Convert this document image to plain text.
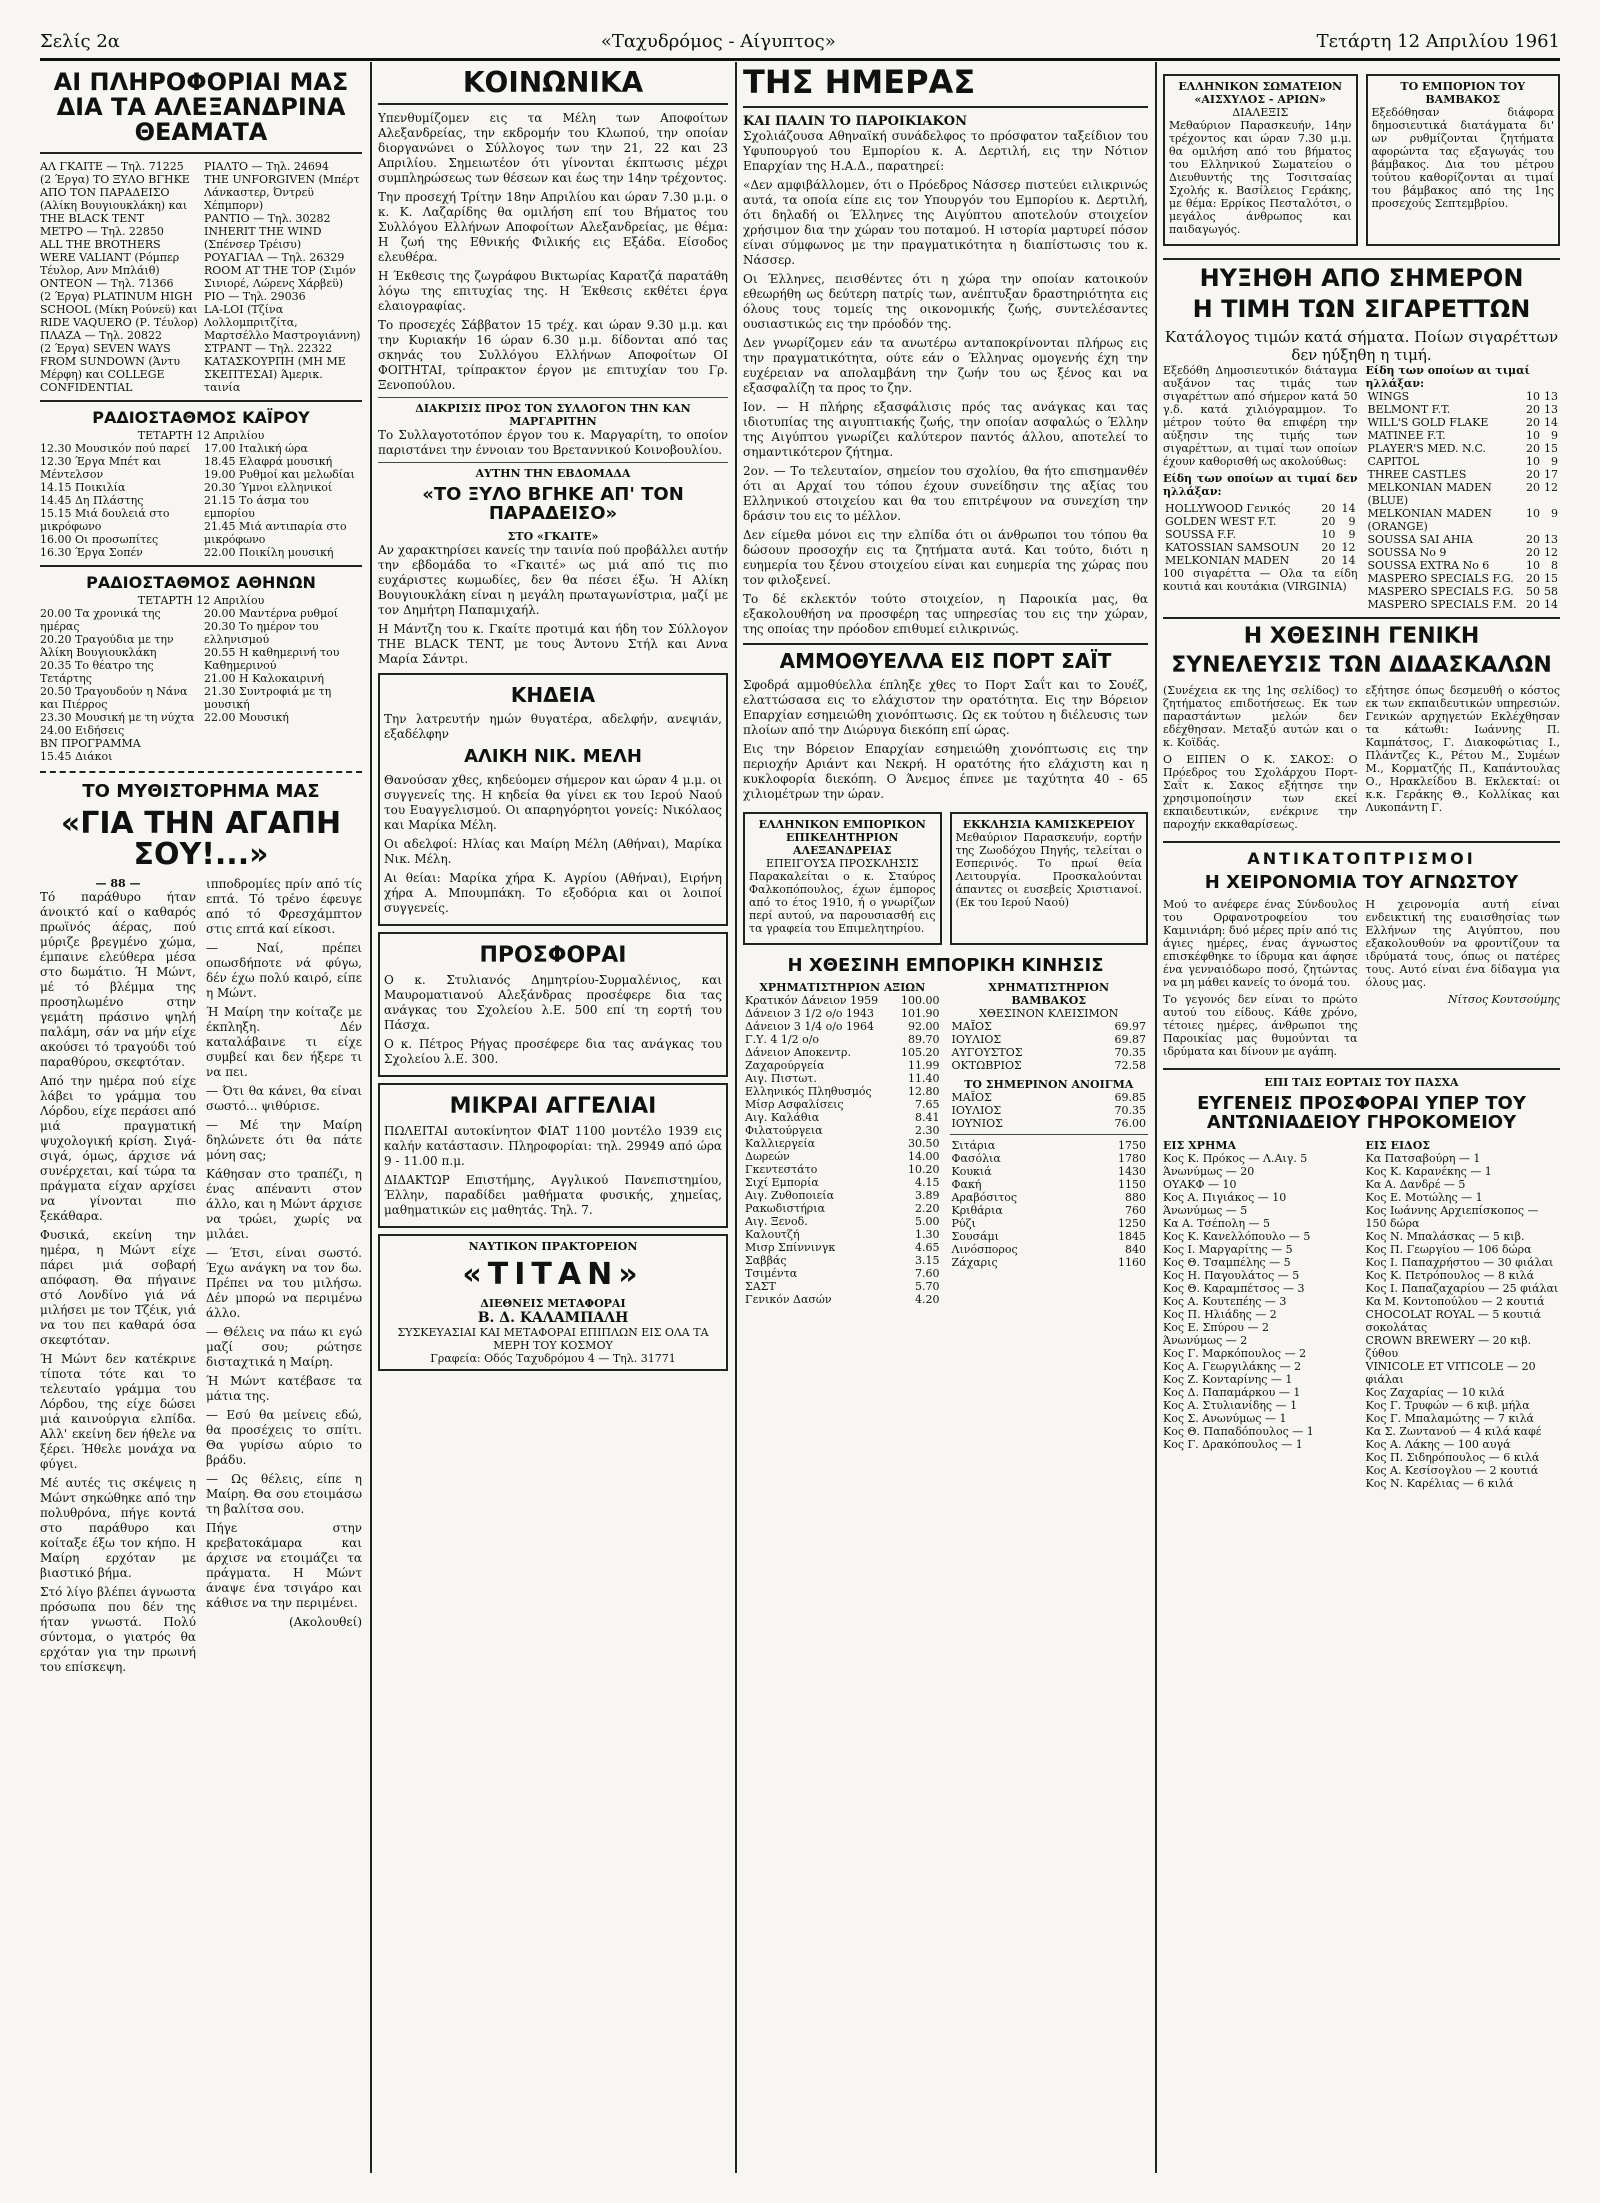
Σελίς 2α	«Ταχυδρόμος - Αίγυπτος»	Τετάρτη 12 Απριλίου 1961
ΑΙ ΠΛΗΡΟΦΟΡΙΑΙ ΜΑΣ ΔΙΑ ΤΑ ΑΛΕΞΑΝΔΡΙΝΑ ΘΕΑΜΑΤΑ
ΑΛ ΓΚΑΙΤΕ — Τηλ. 71225
(2 Έργα) ΤΟ ΞΥΛΟ ΒΓΗΚΕ ΑΠΟ ΤΟΝ ΠΑΡΑΔΕΙΣΟ (Αλίκη Βουγιουκλάκη) και THE BLACK TENT
ΜΕΤΡΟ — Τηλ. 22850
ALL THE BROTHERS WERE VALIANT (Ρόμπερ Τέυλορ, Ανν Μπλάιθ)
ΟΝΤΕΟΝ — Τηλ. 71366
(2 Έργα) PLATINUM HIGH SCHOOL (Μίκη Ρούνεϋ) και RIDE VAQUERO (Ρ. Τέυλορ)
ΠΛΑΖΑ — Τηλ. 20822
(2 Έργα) SEVEN WAYS FROM SUNDOWN (Άντυ Μέρφη) και COLLEGE CONFIDENTIAL
ΡΙΑΛΤΟ — Τηλ. 24694
THE UNFORGIVEN (Μπέρτ Λάνκαστερ, Όντρεϋ Χέπμπορν)
ΡΑΝΤΙΟ — Τηλ. 30282
INHERIT THE WIND (Σπένσερ Τρέισυ)
ΡΟΥΑΓΙΑΛ — Τηλ. 26329
ROOM AT THE TOP (Σιμόν Σινιορέ, Λώρενς Χάρβεϋ)
ΡΙΟ — Τηλ. 29036
LA-LOI (Τζίνα Λολλομπριτζίτα, Μαρτσέλλο Μαστρογιάννη)
ΣΤΡΑΝΤ — Τηλ. 22322
ΚΑΤΑΣΚΟΥΡΠΗ (ΜΗ ΜΕ ΣΚΕΠΤΕΣΑΙ) Άμερικ. ταινία
ΡΑΔΙΟΣΤΑΘΜΟΣ ΚΑΪΡΟΥ
ΤΕΤΑΡΤΗ 12 Απριλίου
12.30 Μουσικόν πού παρεί
12.30 Έργα Μπέτ και Μέντελσον
14.15 Ποικιλία
14.45 Δη Πλάστης
15.15 Μιά δουλειά στο μικρόφωνο
16.00 Οι προσωπίτες
16.30 Έργα Σοπέν
17.00 Ιταλική ώρα
18.45 Ελαφρά μουσική
19.00 Ρυθμοί και μελωδίαι
20.30 Ύμνοι ελληνικοί
21.15 Το άσμα του εμπορίου
21.45 Μιά αντιπαρία στο μικρόφωνο
22.00 Ποικίλη μουσική
ΡΑΔΙΟΣΤΑΘΜΟΣ ΑΘΗΝΩΝ
ΤΕΤΑΡΤΗ 12 Απριλίου
20.00 Τα χρονικά της ημέρας
20.20 Τραγούδια με την Άλίκη Βουγιουκλάκη
20.35 Το θέατρο της Τετάρτης
20.50 Τραγουδούν η Νάνα και Πιέρρος
23.30 Μουσική με τη νύχτα
24.00 Ειδήσεις
ΒΝ ΠΡΟΓΡΑΜΜΑ
15.45 Διάκοι
20.00 Μαντέρνα ρυθμοί
20.30 Το ημέρον του ελληνισμού
20.55 Η καθημερινή του Καθημερινού
21.00 Η Καλοκαιρινή
21.30 Συντροφιά με τη μουσική
22.00 Μουσική
ΤΟ ΜΥΘΙΣΤΟΡΗΜΑ ΜΑΣ
«ΓΙΑ ΤΗΝ ΑΓΑΠΗ ΣΟΥ!...»
— 88 —

Τό παράθυρο ήταν άνοικτό καί ο καθαρός πρωϊνός άέρας, πού μύριζε βρεγμένο χώμα, έμπαινε ελεύθερα μέσα στο δωμάτιο. Ή Μώντ, μέ τό βλέμμα της προσηλωμένο στην γεμάτη πράσινο ψηλή παλάμη, σάν να μήν είχε ακούσει τό τραγούδι τού παραθύρου, σκεφτόταν.

Από την ημέρα πού είχε λάβει το γράμμα του Λόρδου, είχε περάσει από μιά πραγματική ψυχολογική κρίση. Σιγά-σιγά, όμως, άρχισε νά συνέρχεται, καί τώρα τα πράγματα είχαν αρχίσει να γίνονται πιο ξεκάθαρα.

Φυσικά, εκείνη την ημέρα, η Μώντ είχε πάρει μιά σοβαρή απόφαση. Θα πήγαινε στό Λονδίνο γιά νά μιλήσει με τον Τζέικ, γιά να του πει καθαρά όσα σκεφτόταν.

Ή Μώντ δεν κατέκρινε τίποτα τότε και το τελευταίο γράμμα του Λόρδου, της είχε δώσει μιά καινούργια ελπίδα. Αλλ' εκείνη δεν ήθελε να ξέρει. Ήθελε μονάχα να φύγει.

Μέ αυτές τις σκέψεις η Μώντ σηκώθηκε από την πολυθρόνα, πήγε κοντά στο παράθυρο και κοίταξε έξω τον κήπο. Η Μαίρη ερχόταν με βιαστικό βήμα.

Στό λίγο βλέπει άγνωστα πρόσωπα που δέν της ήταν γνωστά. Πολύ σύντομα, ο γιατρός θα ερχόταν για την πρωινή του επίσκεψη.

ιπποδρομίες πρίν από τίς επτά. Τό τρένο έφευγε από τό Φρεσχάμπτον στις επτά καί είκοσι.

— Ναί, πρέπει οπωσδήποτε νά φύγω, δέν έχω πολύ καιρό, είπε η Μώντ.

Ή Μαίρη την κοίταζε με έκπληξη. Δέν καταλάβαινε τι είχε συμβεί και δεν ήξερε τι να πει.

— Ότι θα κάνει, θα είναι σωστό... ψιθύρισε.

— Μέ την Μαίρη δηλώνετε ότι θα πάτε μόνη σας;

Κάθησαν στο τραπέζι, η ένας απέναντι στον άλλο, και η Μώντ άρχισε να τρώει, χωρίς να μιλάει.

— Έτσι, είναι σωστό. Έχω ανάγκη να τον δω. Πρέπει να του μιλήσω. Δέν μπορώ να περιμένω άλλο.

— Θέλεις να πάω κι εγώ μαζί σου; ρώτησε δισταχτικά η Μαίρη.

Ή Μώντ κατέβασε τα μάτια της.

— Εσύ θα μείνεις εδώ, θα προσέχεις το σπίτι. Θα γυρίσω αύριο το βράδυ.

— Ως θέλεις, είπε η Μαίρη. Θα σου ετοιμάσω τη βαλίτσα σου.

Πήγε στην κρεβατοκάμαρα και άρχισε να ετοιμάζει τα πράγματα. Η Μώντ άναψε ένα τσιγάρο και κάθισε να την περιμένει.

(Ακολουθεί)
ΚΟΙΝΩΝΙΚΑ

Υπενθυμίζομεν εις τα Μέλη των Αποφοίτων Αλεξανδρείας, την εκδρομήν του Κλωπού, την οποίαν διοργανώνει ο Σύλλογος των την 21, 22 και 23 Απριλίου. Σημειωτέον ότι γίνονται έκπτωσις μέχρι συμπληρώσεως των θέσεων και έως την 14ην τρέχοντος.

Την προσεχή Τρίτην 18ην Απριλίου και ώραν 7.30 μ.μ. ο κ. Κ. Λαζαρίδης θα ομιλήση επί του Βήματος του Συλλόγου Ελλήνων Αποφοίτων Αλεξανδρείας, με θέμα: Η ζωή της Εθνικής Φιλικής εις Εξάδα. Είσοδος ελευθέρα.

Η Έκθεσις της ζωγράφου Βικτωρίας Καρατζά παρατάθη λόγω της επιτυχίας της. Η Έκθεσις εκθέτει έργα ελαιογραφίας.

Το προσεχές Σάββατον 15 τρέχ. και ώραν 9.30 μ.μ. και την Κυριακήν 16 ώραν 6.30 μ.μ. δίδονται από τας σκηνάς του Συλλόγου Ελλήνων Αποφοίτων ΟΙ ΦΟΙΤΗΤΑΙ, τρίπρακτον έργον με επιτυχίαν του Γρ. Ξενοπούλου.

ΔΙΑΚΡΙΣΙΣ ΠΡΟΣ ΤΟΝ ΣΥΛΛΟΓΟΝ ΤΗΝ ΚΑΝ ΜΑΡΓΑΡΙΤΗΝ

Το Συλλαγοτοτόπον έργον του κ. Μαργαρίτη, το οποίον παριστάνει την έννοιαν του Βρεταννικού Κοινοβουλίου.

ΑΥΤΗΝ ΤΗΝ ΕΒΔΟΜΑΔΑ
«ΤΟ ΞΥΛΟ ΒΓΗΚΕ ΑΠ' ΤΟΝ ΠΑΡΑΔΕΙΣΟ»
ΣΤΟ «ΓΚΑΙΤΕ»

Αν χαρακτηρίσει κανείς την ταινία πού προβάλλει αυτήν την εβδομάδα το «Γκαιτέ» ως μιά από τις πιο ευχάριστες κωμωδίες, δεν θα πέσει έξω. Ή Αλίκη Βουγιουκλάκη είναι η μεγάλη πρωταγωνίστρια, μαζί με τον Δημήτρη Παπαμιχαήλ.

Η Μάντζη του κ. Γκαίτε προτιμά και ήδη τον Σύλλογον THE BLACK TENT, με τους Άντονυ Στήλ και Αννα Μαρία Σάντρι.

ΚΗΔΕΙΑ

Την λατρευτήν ημών θυγατέρα, αδελφήν, ανεψιάν, εξαδέλφην

ΑΛΙΚΗ ΝΙΚ. ΜΕΛΗ

Θανούσαν χθες, κηδεύομεν σήμερον και ώραν 4 μ.μ. οι συγγενείς της. Η κηδεία θα γίνει εκ του Ιερού Ναού του Ευαγγελισμού. Οι απαρηγόρητοι γονείς: Νικόλαος και Μαρίκα Μέλη.

Οι αδελφοί: Ηλίας και Μαίρη Μέλη (Αθήναι), Μαρίκα Νικ. Μέλη.

Αι θείαι: Μαρίκα χήρα Κ. Αγρίου (Αθήναι), Ειρήνη χήρα Α. Μπουμπάκη. Το εξοδόρια και οι λοιποί συγγενείς.

ΠΡΟΣΦΟΡΑΙ

Ο κ. Στυλιανός Δημητρίου-Συρμαλένιος, και Μαυροματιανού Αλεξάνδρας προσέφερε δια τας ανάγκας του Σχολείου λ.Ε. 500 επί τη εορτή του Πάσχα.

Ο κ. Πέτρος Ρήγας προσέφερε δια τας ανάγκας του Σχολείου λ.Ε. 300.

ΜΙΚΡΑΙ ΑΓΓΕΛΙΑΙ

ΠΩΛΕΙΤΑΙ αυτοκίνητον ΦΙΑΤ 1100 μοντέλο 1939 εις καλήν κατάστασιν. Πληροφορίαι: τηλ. 29949 από ώρα 9 - 11.00 π.μ.

ΔΙΔΑΚΤΩΡ Επιστήμης, Αγγλικού Πανεπιστημίου, Έλλην, παραδίδει μαθήματα φυσικής, χημείας, μαθηματικών εις μαθητάς. Τηλ. 7.

ΝΑΥΤΙΚΟΝ ΠΡΑΚΤΟΡΕΙΟΝ
«ΤΙΤΑΝ»
ΔΙΕΘΝΕΙΣ ΜΕΤΑΦΟΡΑΙ
Β. Δ. ΚΑΛΑΜΠΑΛΗ
ΣΥΣΚΕΥΑΣΙΑΙ ΚΑΙ ΜΕΤΑΦΟΡΑΙ ΕΠΙΠΛΩΝ ΕΙΣ ΟΛΑ ΤΑ ΜΕΡΗ ΤΟΥ ΚΟΣΜΟΥ
Γραφεία: Οδός Ταχυδρόμου 4 — Τηλ. 31771
ΤΗΣ ΗΜΕΡΑΣ
ΚΑΙ ΠΑΛΙΝ ΤΟ ΠΑΡΟΙΚΙΑΚΟΝ

Σχολιάζουσα Αθηναϊκή συνάδελφος το πρόσφατον ταξείδιον του Υφυπουργού του Εμπορίου κ. Α. Δερτιλή, εις την Νότιον Επαρχίαν της Η.Α.Δ., παρατηρεί:

«Δεν αμφιβάλλομεν, ότι ο Πρόεδρος Νάσσερ πιστεύει ειλικρινώς αυτά, τα οποία είπε εις τον Υπουργόν του Εμπορίου κ. Δερτιλή, ότι δηλαδή οι Έλληνες της Αιγύπτου αποτελούν στοιχείον χρήσιμον δια την χώραν του ποταμού. Η ιστορία μαρτυρεί πόσον είναι σύμφωνος με την πραγματικότητα η διαπίστωσις του κ. Νάσσερ.

Οι Έλληνες, πεισθέντες ότι η χώρα την οποίαν κατοικούν εθεωρήθη ως δεύτερη πατρίς των, ανέπτυξαν δραστηριότητα εις όλους τους τομείς της οικονομικής ζωής, συντελέσαντες ουσιαστικώς εις την πρόοδόν της.

Δεν γνωρίζομεν εάν τα ανωτέρω ανταποκρίνονται πλήρως εις την πραγματικότητα, ούτε εάν ο Έλληνας ομογενής έχη την ευχέρειαν να απολαμβάνη την ζωήν του ως ξένος και να εξασφαλίζη τα προς το ζην.

Ιον. — Η πλήρης εξασφάλισις πρός τας ανάγκας και τας ιδιοτυπίας της αιγυπτιακής ζωής, την οποίαν ασφαλώς ο Έλλην της Αιγύπτου γνωρίζει καλύτερον παντός άλλου, αποτελεί το σημαντικότερον ζήτημα.

2ον. — Το τελευταίον, σημείον του σχολίου, θα ήτο επισημανθέν ότι αι Αρχαί του τόπου έχουν συνείδησιν της αξίας του Ελληνικού στοιχείου και θα του επιτρέψουν να συνεχίση την δράσιν του εις το μέλλον.

Δεν είμεθα μόνοι εις την ελπίδα ότι οι άνθρωποι του τόπου θα δώσουν προσοχήν εις τα ζητήματα αυτά. Και τούτο, διότι η ευημερία του ξένου στοιχείου είναι και ευημερία της χώρας που τον φιλοξενεί.

Το δέ εκλεκτόν τούτο στοιχείον, η Παροικία μας, θα εξακολουθήση να προσφέρη τας υπηρεσίας του εις την χώραν, της οποίας την πρόοδον επιθυμεί ειλικρινώς.

ΑΜΜΟΘΥΕΛΛΑ ΕΙΣ ΠΟΡΤ ΣΑΪΤ

Σφοδρά αμμοθύελλα έπληξε χθες το Πορτ Σαΐτ και το Σουέζ, ελαττώσασα εις το ελάχιστον την ορατότητα. Εις την Βόρειον Επαρχίαν εσημειώθη χιονόπτωσις. Ως εκ τούτου η διέλευσις των πλοίων από την Διώρυγα διεκόπη επί ώρας.

Εις την Βόρειον Επαρχίαν εσημειώθη χιονόπτωσις εις την περιοχήν Αριάντ και Νεκρή. Η ορατότης ήτο ελάχιστη και η κυκλοφορία διεκόπη. Ο Άνεμος έπνεε με ταχύτητα 40 - 65 χιλιομέτρων την ώραν.

ΕΛΛΗΝΙΚΟΝ ΕΜΠΟΡΙΚΟΝ ΕΠΙΚΕΛΗΤΗΡΙΟΝ ΑΛΕΞΑΝΔΡΕΙΑΣ
ΕΠΕΙΓΟΥΣΑ ΠΡΟΣΚΛΗΣΙΣ

Παρακαλείται ο κ. Σταύρος Φαλκοπόπουλος, έχων έμπορος από το έτος 1910, ή ο γνωρίζων περί αυτού, να παρουσιασθή εις τα γραφεία του Επιμελητηρίου.

ΕΚΚΛΗΣΙΑ ΚΑΜΙΣΚΕΡΕΙΟΥ

Μεθαύριον Παρασκευήν, εορτήν της Ζωοδόχου Πηγής, τελείται ο Εσπερινός. Το πρωί θεία Λειτουργία. Προσκαλούνται άπαντες οι ευσεβείς Χριστιανοί. (Εκ του Ιερού Ναού)

Η ΧΘΕΣΙΝΗ ΕΜΠΟΡΙΚΗ ΚΙΝΗΣΙΣ
ΧΡΗΜΑΤΙΣΤΗΡΙΟΝ ΑΞΙΩΝ
Κρατικόν Δάνειον 1959	100.00
Δάνειον 3 1/2 ο/ο 1943	101.90
Δάνειον 3 1/4 ο/ο 1964	92.00
Γ.Υ. 4 1/2 ο/ο	89.70
Δάνειον Αποκεντρ.	105.20
Ζαχαρούργεία	11.99
Αιγ. Πιστωτ.	11.40
Ελληνικός Πληθυσμός	12.80
Μίσρ Ασφαλίσεις	7.65
Αιγ. Καλάθια	8.41
Φιλατούργεια	2.30
Καλλιεργεία	30.50
Δωρεών	14.00
Γκεντεστάτο	10.20
Σιχί Εμπορία	4.15
Αιγ. Ζυθοποιεία	3.89
Ρακωδιστήρια	2.20
Αιγ. Ξενοδ.	5.00
Καλουτζή	1.30
Μισρ Σπίννινγκ	4.65
Σαββάς	3.15
Τσιμέντα	7.60
ΣΑΣΤ	5.70
Γενικόν Δασών	4.20
ΧΡΗΜΑΤΙΣΤΗΡΙΟΝ ΒΑΜΒΑΚΟΣ
ΧΘΕΣΙΝΟΝ ΚΛΕΙΣΙΜΟΝ
ΜΑΪΟΣ	69.97
ΙΟΥΛΙΟΣ	69.87
ΑΥΓΟΥΣΤΟΣ	70.35
ΟΚΤΩΒΡΙΟΣ	72.58
ΤΟ ΣΗΜΕΡΙΝΟΝ ΑΝΟΙΓΜΑ
ΜΑΪΟΣ	69.85
ΙΟΥΛΙΟΣ	70.35
ΙΟΥΝΙΟΣ	76.00
Σιτάρια	1750
Φασόλια	1780
Κουκιά	1430
Φακή	1150
Αραβόσιτος	880
Κριθάρια	760
Ρύζι	1250
Σουσάμι	1845
Λινόσπορος	840
Ζάχαρις	1160
ΕΛΛΗΝΙΚΟΝ ΣΩΜΑΤΕΙΟΝ «ΑΙΣΧΥΛΟΣ - ΑΡΙΩΝ»
ΔΙΑΛΕΞΙΣ

Μεθαύριον Παρασκευήν, 14ην τρέχοντος και ώραν 7.30 μ.μ. θα ομιλήση από του βήματος του Ελληνικού Σωματείου ο Διευθυντής της Τοσιτσαίας Σχολής κ. Βασίλειος Γεράκης, με θέμα: Ερρίκος Πεσταλότσι, ο μεγάλος άνθρωπος και παιδαγωγός.

ΤΟ ΕΜΠΟΡΙΟΝ ΤΟΥ ΒΑΜΒΑΚΟΣ

Εξεδόθησαν διάφορα δημοσιευτικά διατάγματα δι' ων ρυθμίζονται ζητήματα αφορώντα τας εξαγωγάς του βάμβακος. Δια του μέτρου τούτου καθορίζονται αι τιμαί του βάμβακος από της 1ης προσεχούς Σεπτεμβρίου.

ΗΥΞΗΘΗ ΑΠΟ ΣΗΜΕΡΟΝ
Η ΤΙΜΗ ΤΩΝ ΣΙΓΑΡΕΤΤΩΝ
Κατάλογος τιμών κατά σήματα. Ποίων σιγαρέττων δεν ηύξηθη η τιμή.

Εξεδόθη Δημοσιευτικόν διάταγμα αυξάνον τας τιμάς των σιγαρέττων από σήμερον κατά 50 γ.δ. κατά χιλιόγραμμον. Το μέτρον τούτο θα επιφέρη την αύξησιν της τιμής των σιγαρέττων, αι τιμαί των οποίων έχουν καθορισθή ως ακολούθως:

Είδη των οποίων αι τιμαί δεν ηλλάξαν:

HOLLYWOOD Γενικός	20	14
GOLDEN WEST F.T.	20	9
SOUSSA F.F.	10	9
KATOSSIAN SAMSOUN	20	12
MELKONIAN MADEN	20	14

100 σιγαρέττα — Ολα τα είδη κουτιά και κουτάκια (VIRGINIA)

Είδη των οποίων αι τιμαί ηλλάξαν:
WINGS	10	13
BELMONT F.T.	20	13
WILL'S GOLD FLAKE	20	14
MATINEE F.T.	10	9
PLAYER'S MED. N.C.	20	15
CAPITOL	10	9
THREE CASTLES	20	17
MELKONIAN MADEN (BLUE)	20	12
MELKONIAN MADEN (ORANGE)	10	9
SOUSSA SAI AHIA	20	13
SOUSSA No 9	20	12
SOUSSA EXTRA No 6	10	8
MASPERO SPECIALS F.G.	20	15
MASPERO SPECIALS F.G.	50	58
MASPERO SPECIALS F.M.	20	14
Η ΧΘΕΣΙΝΗ ΓΕΝΙΚΗ
ΣΥΝΕΛΕΥΣΙΣ ΤΩΝ ΔΙΔΑΣΚΑΛΩΝ

(Συνέχεια εκ της 1ης σελίδος) το ζητήματος επιδοτήσεως. Εκ των παραστάντων μελών δεν εδέχθησαν. Μεταξύ αυτών και ο κ. Κοϊδάς.

Ο ΕΙΠΕΝ Ο Κ. ΣΑΚΟΣ: Ο Πρόεδρος του Σχολάρχου Πορτ-Σαΐτ κ. Σακος εξήτησε την χρησιμοποίησιν των εκεί εκπαιδευτικών, ενέκρινε την παροχήν εκκαθαρίσεως.

εξήτησε όπως δεσμευθή ο κόστος εκ των εκπαιδευτικών υπηρεσιών. Γενικών αρχηγετών Εκλέχθησαν τα κάτωθι: Ιωάννης Π. Καμπάτσος, Γ. Διακοφώτιας Ι., Πλάντζες Κ., Ρέτου Μ., Συμέων Μ., Κορματζής Π., Καπάντουλας Ο., Ηρακλείδου Β. Εκλεκταί: οι κ.κ. Γεράκης Θ., Κολλίκας και Λυκοπάντη Γ.

ΑΝΤΙΚΑΤΟΠΤΡΙΣΜΟΙ
Η ΧΕΙΡΟΝΟΜΙΑ ΤΟΥ ΑΓΝΩΣΤΟΥ

Μού το ανέφερε ένας Σύνδουλος του Ορφανοτροφείου του Καμινιάρη: δυό μέρες πρίν από τις άγιες ημέρες, ένας άγνωστος επισκέφθηκε το ίδρυμα και άφησε ένα γενναιόδωρο ποσό, ζητώντας να μη μάθει κανείς το όνομά του.

Το γεγονός δεν είναι το πρώτο αυτού του είδους. Κάθε χρόνο, τέτοιες ημέρες, άνθρωποι της Παροικίας μας θυμούνται τα ιδρύματα και δίνουν με αγάπη.

Η χειρονομία αυτή είναι ενδεικτική της ευαισθησίας των Ελλήνων της Αιγύπτου, που εξακολουθούν να φροντίζουν τα ιδρύματά τους, όπως οι πατέρες τους. Αυτό είναι ένα δίδαγμα για όλους μας.

Νίτσος Κουτσούμης
ΕΠΙ ΤΑΙΣ ΕΟΡΤΑΙΣ ΤΟΥ ΠΑΣΧΑ
ΕΥΓΕΝΕΙΣ ΠΡΟΣΦΟΡΑΙ ΥΠΕΡ ΤΟΥ ΑΝΤΩΝΙΑΔΕΙΟΥ ΓΗΡΟΚΟΜΕΙΟΥ
ΕΙΣ ΧΡΗΜΑ
Κος Κ. Πρόκος — Λ.Αιγ. 5
Άνωνύμως — 20
ΟΥΑΚΦ — 10
Κος Α. Πιγιάκος — 10
Άνωνύμως — 5
Κα Α. Τσέπολη — 5
Κος Κ. Κανελλόπουλο — 5
Κος Ι. Μαργαρίτης — 5
Κος Θ. Τσαμπέλης — 5
Κος Η. Παγουλάτος — 5
Κος Θ. Καραμπέτσος — 3
Κος Α. Κουτεπέης — 3
Κος Π. Ηλιάδης — 2
Κος Ε. Σπύρου — 2
Άνωνύμως — 2
Κος Γ. Μαρκόπουλος — 2
Κος Α. Γεωργιλάκης — 2
Κος Ζ. Κονταρίνης — 1
Κος Δ. Παπαμάρκου — 1
Κος Α. Στυλιανίδης — 1
Κος Σ. Ανωνύμως — 1
Κος Θ. Παπαδόπουλος — 1
Κος Γ. Δρακόπουλος — 1
ΕΙΣ ΕΙΔΟΣ
Κα Πατσαβούρη — 1
Κος Κ. Καρανέκης — 1
Κα Α. Δανδρέ — 5
Κος Ε. Μοτώλης — 1
Κος Ιωάννης Αρχιεπίσκοπος — 150 δώρα
Κος Ν. Μπαλάσκας — 5 κιβ.
Κος Π. Γεωργίου — 106 δώρα
Κος Ι. Παπαχρήστου — 30 φιάλαι
Κος Κ. Πετρόπουλος — 8 κιλά
Κος Ι. Παπαζαχαρίου — 25 φιάλαι
Κα Μ. Κοντοπούλου — 2 κουτιά
CHOCOLAT ROYAL — 5 κουτιά σοκολάτας
CROWN BREWERY — 20 κιβ. ζύθου
VINICOLE ET VITICOLE — 20 φιάλαι
Κος Ζαχαρίας — 10 κιλά
Κος Γ. Τρυφών — 6 κιβ. μήλα
Κος Γ. Μπαλαμώτης — 7 κιλά
Κα Σ. Ζωντανού — 4 κιλά καφέ
Κος Α. Λάκης — 100 αυγά
Κος Π. Σιδηρόπουλος — 6 κιλά
Κος Α. Κεσίσογλου — 2 κουτιά
Κος Ν. Καρέλιας — 6 κιλά
